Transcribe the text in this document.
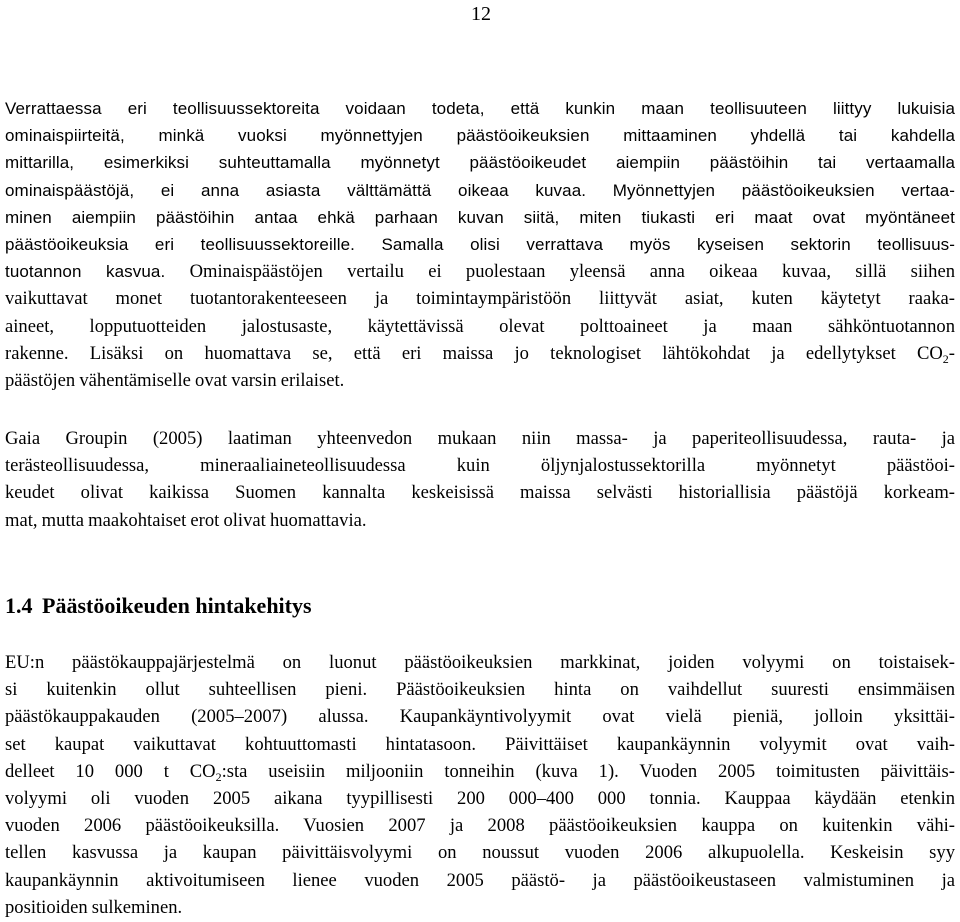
12
Verrattaessa eri teollisuussektoreita voidaan todeta, että kunkin maan teollisuuteen liittyy lukuisia
ominaispiirteitä, minkä vuoksi myönnettyjen päästöoikeuksien mittaaminen yhdellä tai kahdella
mittarilla, esimerkiksi suhteuttamalla myönnetyt päästöoikeudet aiempiin päästöihin tai vertaamalla
ominaispäästöjä, ei anna asiasta välttämättä oikeaa kuvaa. Myönnettyjen päästöoikeuksien vertaa-
minen aiempiin päästöihin antaa ehkä parhaan kuvan siitä, miten tiukasti eri maat ovat myöntäneet
päästöoikeuksia eri teollisuussektoreille. Samalla olisi verrattava myös kyseisen sektorin teollisuus-
tuotannon kasvua. Ominaispäästöjen vertailu ei puolestaan yleensä anna oikeaa kuvaa, sillä siihen
vaikuttavat monet tuotantorakenteeseen ja toimintaympäristöön liittyvät asiat, kuten käytetyt raaka-
aineet, lopputuotteiden jalostusaste, käytettävissä olevat polttoaineet ja maan sähköntuotannon
rakenne. Lisäksi on huomattava se, että eri maissa jo teknologiset lähtökohdat ja edellytykset $CO_2-$
päästöjen vähentämiselle ovat varsin erilaiset.
Gaia Groupin (2005) laatiman yhteenvedon mukaan niin massa- ja paperiteollisuudessa, rauta- ja
terästeollisuudessa, mineraaliaineteollisuudessa kuin öljynjalostussektorilla myönnetyt päästöoi-
keudet olivat kaikissa Suomen kannalta keskeisissä maissa selvästi historiallisia päästöjä korkeam-
mat, mutta maakohtaiset erot olivat huomattavia.
1.4 Päästöoikeuden hintakehitys
EU:n päästökauppajärjestelmä on luonut päästöoikeuksien markkinat, joiden volyymi on toistaisek-
si kuitenkin ollut suhteellisen pieni. Päästöoikeuksien hinta on vaihdellut suuresti ensimmäisen
päästökauppakauden (2005–2007) alussa. Kaupankäyntivolyymit ovat vielä pieniä, jolloin yksittäi-
set kaupat vaikuttavat kohtuuttomasti hintatasoon. Päivittäiset kaupankäynnin volyymit ovat vaih-
delleet 10 000 t $CO_2:sta$ useisiin miljooniin tonneihin (kuva 1). Vuoden 2005 toimitusten päivittäis-
volyymi oli vuoden 2005 aikana tyypillisesti 200 000–400 000 tonnia. Kauppaa käydään etenkin
vuoden 2006 päästöoikeuksilla. Vuosien 2007 ja 2008 päästöoikeuksien kauppa on kuitenkin vähi-
tellen kasvussa ja kaupan päivittäisvolyymi on noussut vuoden 2006 alkupuolella. Keskeisin syy
kaupankäynnin aktivoitumiseen lienee vuoden 2005 päästö- ja päästöoikeustaseen valmistuminen ja
positioiden sulkeminen.
